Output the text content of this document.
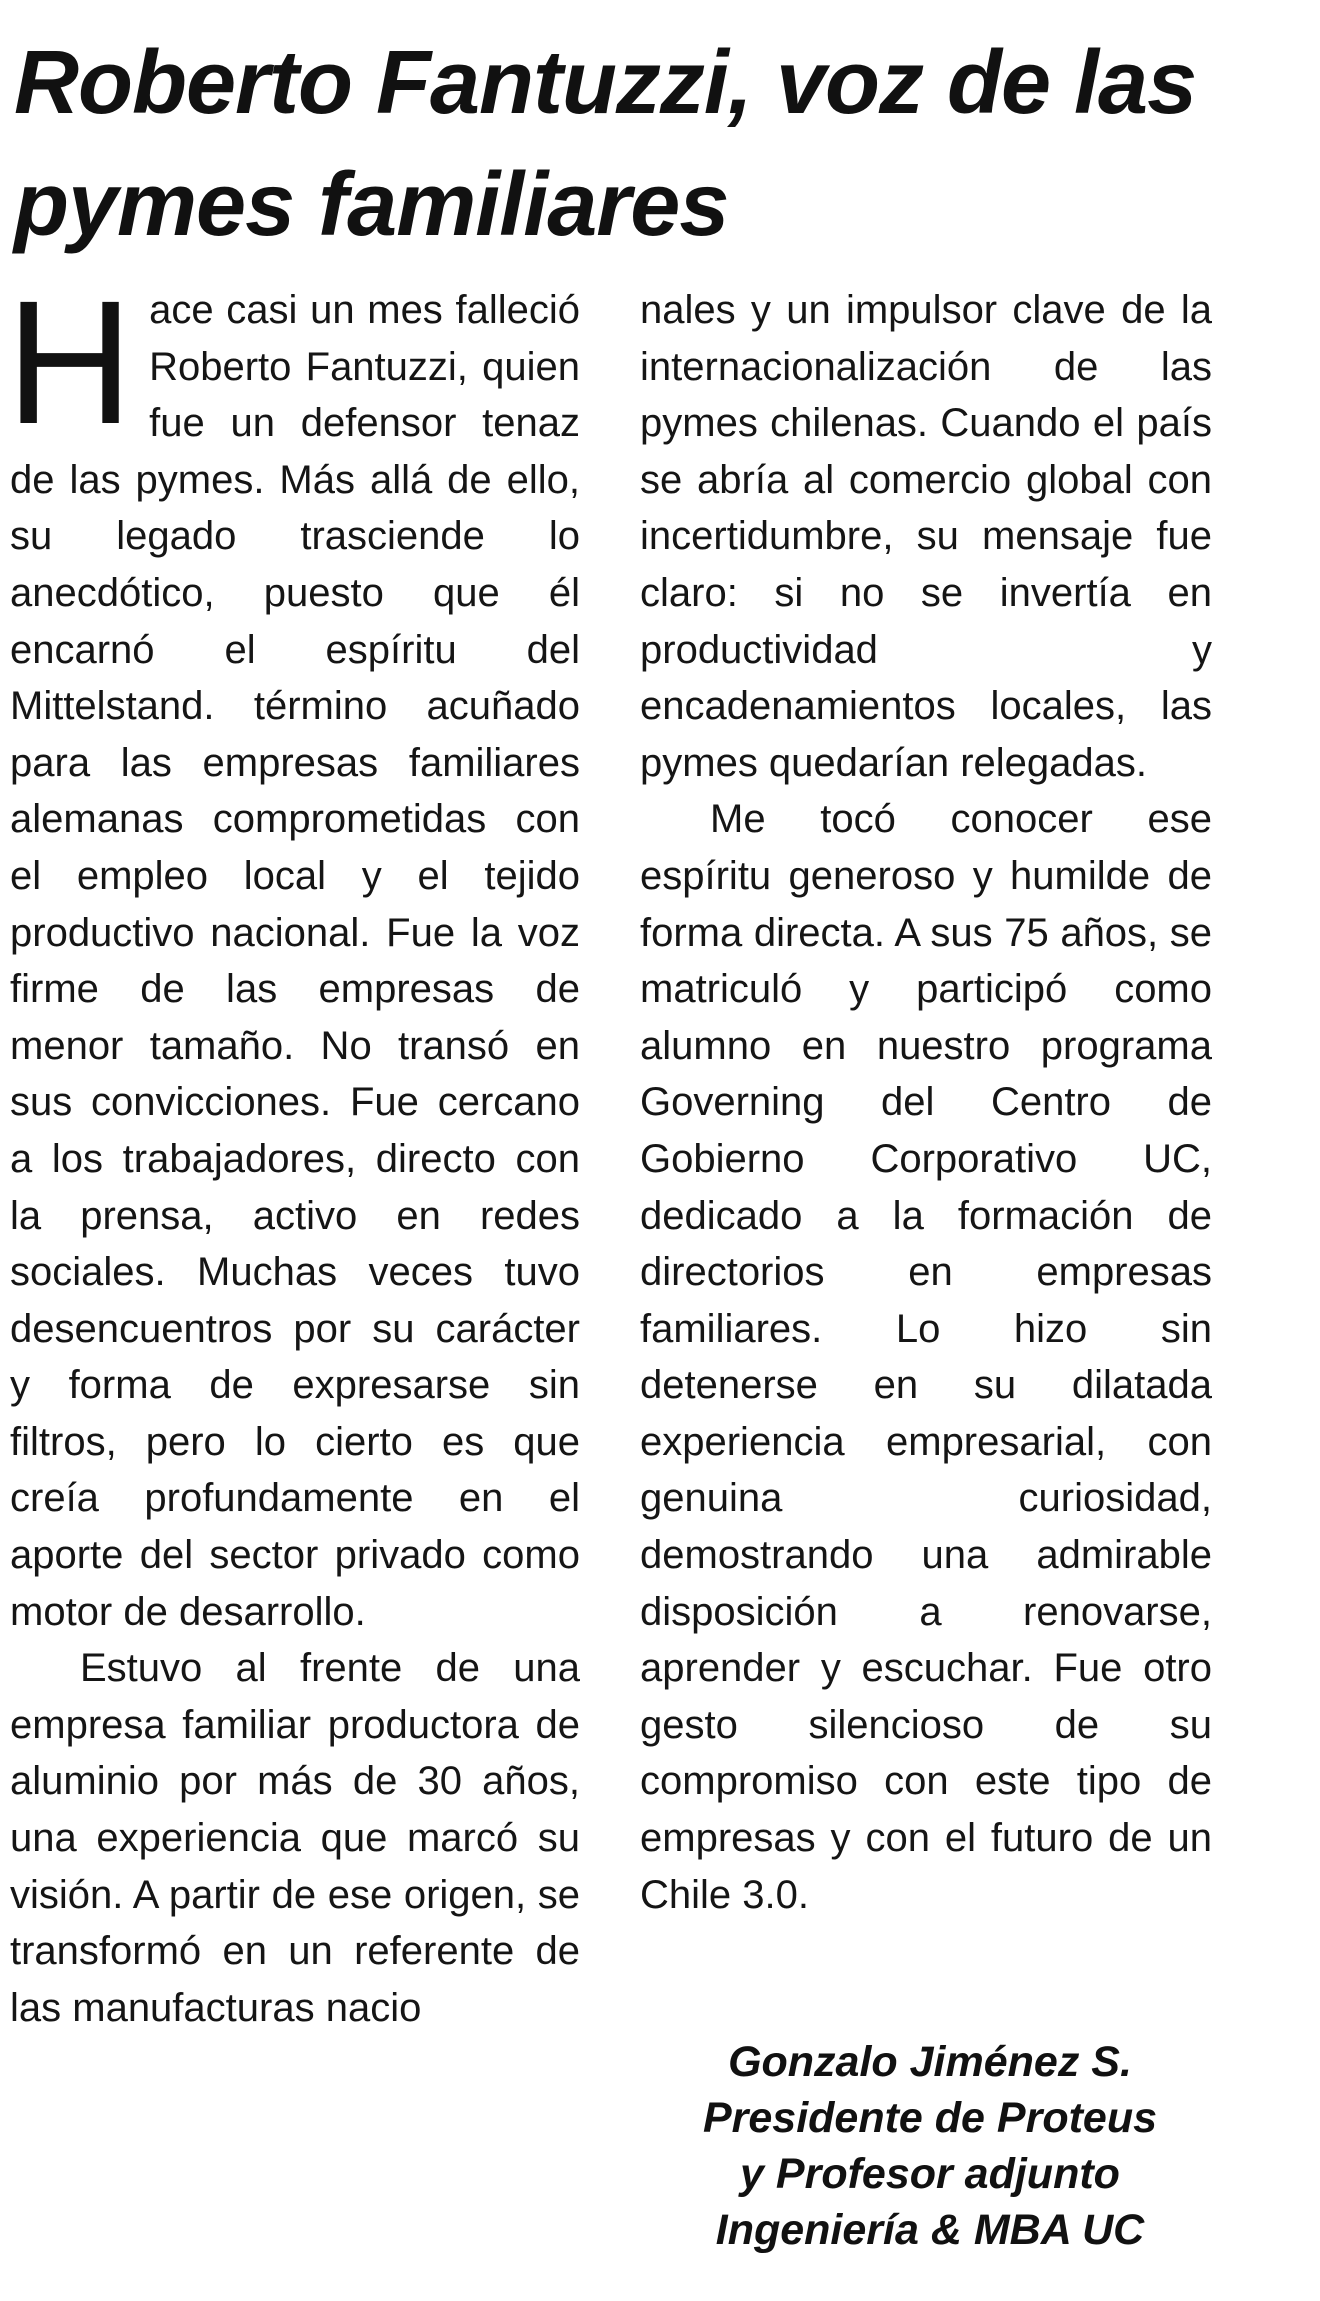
Roberto Fantuzzi, voz de las pymes familiares

Hace casi un mes falleció Roberto Fantuzzi, quien fue un defensor tenaz de las pymes. Más allá de ello, su legado trasciende lo anecdótico, puesto que él encarnó el espíritu del Mittelstand. término acuñado para las empresas familiares alemanas comprometidas con el empleo local y el tejido productivo nacional. Fue la voz firme de las empresas de menor tamaño. No transó en sus convicciones. Fue cercano a los trabajadores, directo con la prensa, activo en redes sociales. Muchas veces tuvo desencuentros por su carácter y forma de expresarse sin filtros, pero lo cierto es que creía profundamente en el aporte del sector privado como motor de desarrollo.

Estuvo al frente de una empresa familiar productora de aluminio por más de 30 años, una experiencia que marcó su visión. A partir de ese origen, se transformó en un referente de las manufacturas nacio

nales y un impulsor clave de la internacionalización de las pymes chilenas. Cuando el país se abría al comercio global con incertidumbre, su mensaje fue claro: si no se invertía en productividad y encadenamientos locales, las pymes quedarían relegadas.

Me tocó conocer ese espíritu generoso y humilde de forma directa. A sus 75 años, se matriculó y participó como alumno en nuestro programa Governing del Centro de Gobierno Corporativo UC, dedicado a la formación de directorios en empresas familiares. Lo hizo sin detenerse en su dilatada experiencia empresarial, con genuina curiosidad, demostrando una admirable disposición a renovarse, aprender y escuchar. Fue otro gesto silencioso de su compromiso con este tipo de empresas y con el futuro de un Chile 3.0.

Gonzalo Jiménez S.
Presidente de Proteus
y Profesor adjunto
Ingeniería & MBA UC
